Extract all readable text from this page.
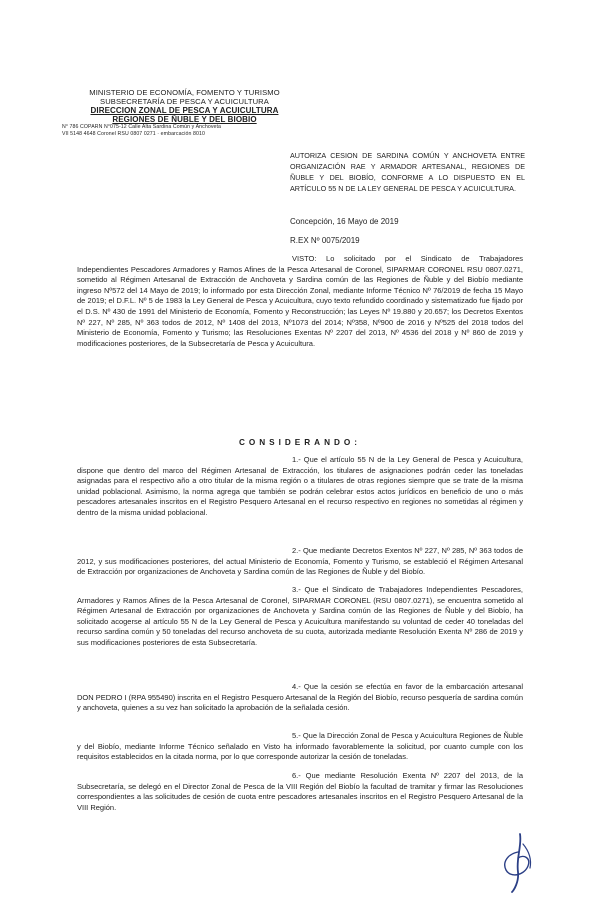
MINISTERIO DE ECONOMÍA, FOMENTO Y TURISMO
SUBSECRETARÍA DE PESCA Y ACUICULTURA
DIRECCION ZONAL DE PESCA Y ACUICULTURA
REGIONES DE ÑUBLE Y DEL BIOBIO
N° 786 COPARN N°075-12 Calle Alta Sardina Común y Anchoveta
VII 5148 4648 Coronel RSU 0807 0271 · embarcación 8010

AUTORIZA CESION DE SARDINA COMÚN Y ANCHOVETA ENTRE ORGANIZACIÓN RAE Y ARMADOR ARTESANAL, REGIONES DE ÑUBLE Y DEL BIOBÍO, CONFORME A LO DISPUESTO EN EL ARTÍCULO 55 N DE LA LEY GENERAL DE PESCA Y ACUICULTURA.

Concepción, 16 Mayo de 2019
R.EX Nº 0075/2019

VISTO: Lo solicitado por el Sindicato de Trabajadores Independientes Pescadores Armadores y Ramos Afines de la Pesca Artesanal de Coronel, SIPARMAR CORONEL RSU 0807.0271, sometido al Régimen Artesanal de Extracción de Anchoveta y Sardina común de las Regiones de Ñuble y del Biobío mediante ingreso Nº572 del 14 Mayo de 2019; lo informado por esta Dirección Zonal, mediante Informe Técnico Nº 76/2019 de fecha 15 Mayo de 2019; el D.F.L. Nº 5 de 1983 la Ley General de Pesca y Acuicultura, cuyo texto refundido coordinado y sistematizado fue fijado por el D.S. Nº 430 de 1991 del Ministerio de Economía, Fomento y Reconstrucción; las Leyes Nº 19.880 y 20.657; los Decretos Exentos Nº 227, Nº 285, Nº 363 todos de 2012, Nº 1408 del 2013, Nº1073 del 2014; Nº358, Nº900 de 2016 y Nº525 del 2018 todos del Ministerio de Economía, Fomento y Turismo; las Resoluciones Exentas Nº 2207 del 2013, Nº 4536 del 2018 y Nº 860 de 2019 y modificaciones posteriores, de la Subsecretaría de Pesca y Acuicultura.

CONSIDERANDO:

1.- Que el artículo 55 N de la Ley General de Pesca y Acuicultura, dispone que dentro del marco del Régimen Artesanal de Extracción, los titulares de asignaciones podrán ceder las toneladas asignadas para el respectivo año a otro titular de la misma región o a titulares de otras regiones siempre que se trate de la misma unidad poblacional. Asimismo, la norma agrega que también se podrán celebrar estos actos jurídicos en beneficio de uno o más pescadores artesanales inscritos en el Registro Pesquero Artesanal en el recurso respectivo en regiones no sometidas al régimen y dentro de la misma unidad poblacional.

2.- Que mediante Decretos Exentos Nº 227, Nº 285, Nº 363 todos de 2012, y sus modificaciones posteriores, del actual Ministerio de Economía, Fomento y Turismo, se estableció el Régimen Artesanal de Extracción por organizaciones de Anchoveta y Sardina común de las Regiones de Ñuble y del Biobío.

3.- Que el Sindicato de Trabajadores Independientes Pescadores, Armadores y Ramos Afines de la Pesca Artesanal de Coronel, SIPARMAR CORONEL (RSU 0807.0271), se encuentra sometido al Régimen Artesanal de Extracción por organizaciones de Anchoveta y Sardina común de las Regiones de Ñuble y del Biobío, ha solicitado acogerse al artículo 55 N de la Ley General de Pesca y Acuicultura manifestando su voluntad de ceder 40 toneladas del recurso sardina común y 50 toneladas del recurso anchoveta de su cuota, autorizada mediante Resolución Exenta Nº 286 de 2019 y sus modificaciones posteriores de esta Subsecretaría.

4.- Que la cesión se efectúa en favor de la embarcación artesanal DON PEDRO I (RPA 955490) inscrita en el Registro Pesquero Artesanal de la Región del Biobío, recurso pesquería de sardina común y anchoveta, quienes a su vez han solicitado la aprobación de la señalada cesión.

5.- Que la Dirección Zonal de Pesca y Acuicultura Regiones de Ñuble y del Biobío, mediante Informe Técnico señalado en Visto ha informado favorablemente la solicitud, por cuanto cumple con los requisitos establecidos en la citada norma, por lo que corresponde autorizar la cesión de toneladas.

6.- Que mediante Resolución Exenta Nº 2207 del 2013, de la Subsecretaría, se delegó en el Director Zonal de Pesca de la VIII Región del Biobío la facultad de tramitar y firmar las Resoluciones correspondientes a las solicitudes de cesión de cuota entre pescadores artesanales inscritos en el Registro Pesquero Artesanal de la VIII Región.
